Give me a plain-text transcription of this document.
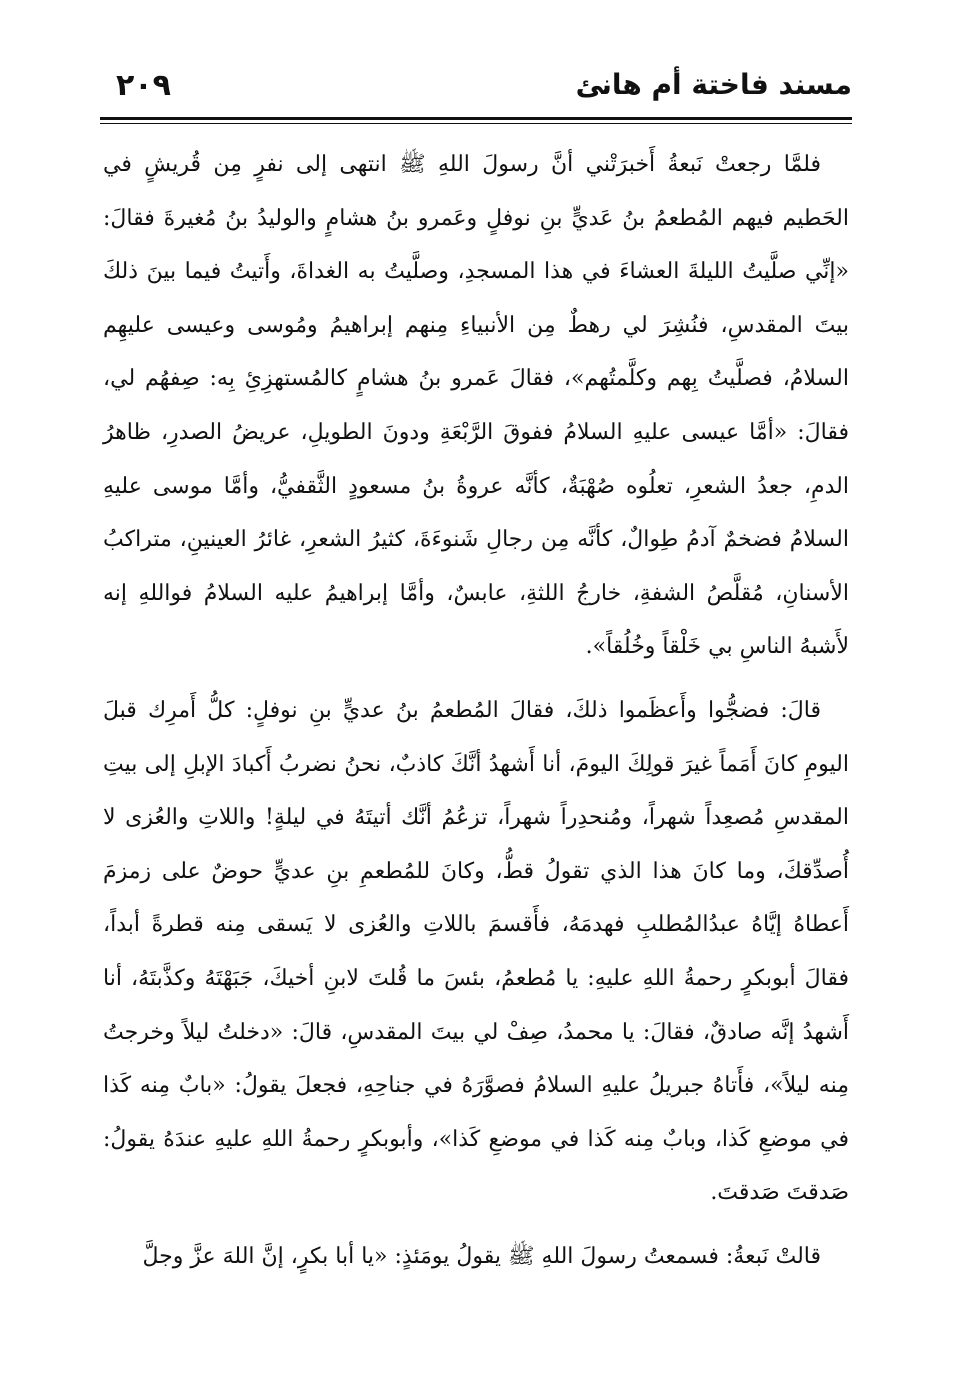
٢٠٩	مسند فاختة أم هانئ

فلمَّا رجعتْ نَبعةُ أَخبرَتْني أنَّ رسولَ اللهِ ﷺ انتهى إلى نفرٍ مِن قُريشٍ في الحَطيم فيهم المُطعمُ بنُ عَديٍّ بنِ نوفلٍ وعَمرو بنُ هشامٍ والوليدُ بنُ مُغيرةَ فقالَ: «إنِّي صلَّيتُ الليلةَ العشاءَ في هذا المسجدِ، وصلَّيتُ به الغداةَ، وأَتيتُ فيما بينَ ذلكَ بيتَ المقدسِ، فنُشِرَ لي رهطٌ مِن الأنبياءِ مِنهم إبراهيمُ ومُوسى وعيسى عليهِم السلامُ، فصلَّيتُ بِهم وكلَّمتُهم»، فقالَ عَمرو بنُ هشامٍ كالمُستهزِئِ بِه: صِفهُم لي، فقالَ: «أمَّا عيسى عليهِ السلامُ ففوقَ الرَّبْعَةِ ودونَ الطويلِ، عريضُ الصدرِ، ظاهرُ الدمِ، جعدُ الشعرِ، تعلُوه صُهْبَةٌ، كأنَّه عروةُ بنُ مسعودٍ الثَّقفيُّ، وأمَّا موسى عليهِ السلامُ فضخمٌ آدمُ طِوالٌ، كأنَّه مِن رجالِ شَنوءَةَ، كثيرُ الشعرِ، غائرُ العينينِ، متراكبُ الأسنانِ، مُقلَّصُ الشفةِ، خارجُ اللثةِ، عابسٌ، وأمَّا إبراهيمُ عليه السلامُ فواللهِ إنه لأَشبهُ الناسِ بي خَلْقاً وخُلُقاً».

قالَ: فضجُّوا وأَعظَموا ذلكَ، فقالَ المُطعمُ بنُ عديٍّ بنِ نوفلٍ: كلُّ أَمرِك قبلَ اليومِ كانَ أَمَماً غيرَ قولِكَ اليومَ، أنا أَشهدُ أنَّكَ كاذبٌ، نحنُ نضربُ أَكبادَ الإبلِ إلى بيتِ المقدسِ مُصعِداً شهراً، ومُنحدِراً شهراً، تزعُمُ أنَّك أتيتَهُ في ليلةٍ! واللاتِ والعُزى لا أُصدِّقكَ، وما كانَ هذا الذي تقولُ قطُّ، وكانَ للمُطعمِ بنِ عديٍّ حوضٌ على زمزمَ أَعطاهُ إيَّاهُ عبدُالمُطلبِ فهدمَهُ، فأَقسمَ باللاتِ والعُزى لا يَسقى مِنه قطرةً أبداً، فقالَ أبوبكرٍ رحمةُ اللهِ عليهِ: يا مُطعمُ، بئسَ ما قُلتَ لابنِ أخيكَ، جَبَهْتَهُ وكذَّبتَهُ، أنا أَشهدُ إنَّه صادقٌ، فقالَ: يا محمدُ، صِفْ لي بيتَ المقدسِ، قالَ: «دخلتُ ليلاً وخرجتُ مِنه ليلاً»، فأَتاهُ جبريلُ عليهِ السلامُ فصوَّرَهُ في جناحِهِ، فجعلَ يقولُ: «بابٌ مِنه كَذا في موضعِ كَذا، وبابٌ مِنه كَذا في موضعِ كَذا»، وأبوبكرٍ رحمةُ اللهِ عليهِ عندَهُ يقولُ: صَدقتَ صَدقتَ.

قالتْ نَبعةُ: فسمعتُ رسولَ اللهِ ﷺ يقولُ يومَئذٍ: «يا أبا بكرٍ، إنَّ اللهَ عزَّ وجلَّ
